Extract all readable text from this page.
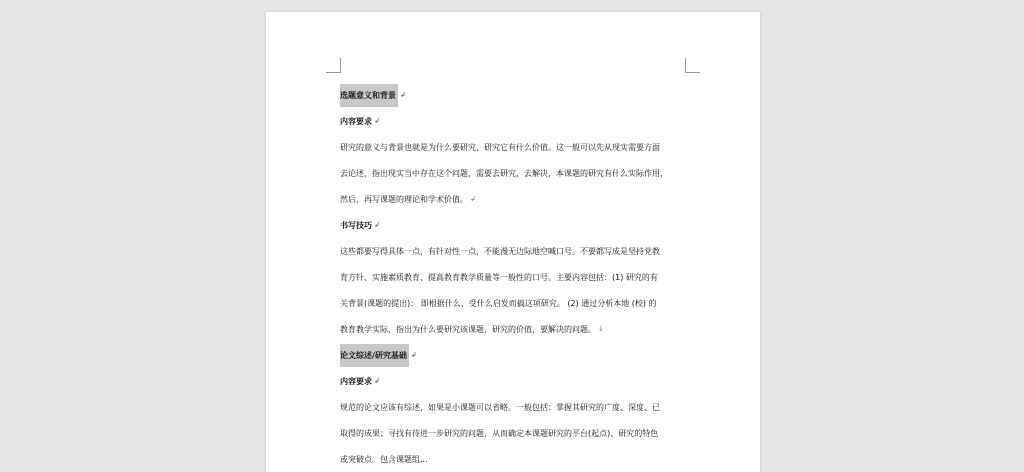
选题意义和背景 ↲
内容要求 ↲
研究的意义与背景也就是为什么要研究、研究它有什么价值。这一般可以先从现实需要方面
去论述，指出现实当中存在这个问题，需要去研究，去解决，本课题的研究有什么实际作用，
然后，再写课题的理论和学术价值。 ↲
书写技巧 ↲
这些都要写得具体一点，有针对性一点，不能漫无边际地空喊口号。不要都写成是坚持党教
育方针、实施素质教育、提高教育教学质量等一般性的口号。主要内容包括：(1) 研究的有
关背景(课题的提出)： 即根据什么、受什么启发而搞这项研究。 (2) 通过分析本地 (校) 的
教育教学实际，指出为什么要研究该课题，研究的价值，要解决的问题。 ↓
论文综述/研究基础 ↲
内容要求 ↲
规范的论文应该有综述，如果是小课题可以省略。一般包括：掌握其研究的广度、深度、已
取得的成果；寻找有待进一步研究的问题，从而确定本课题研究的平台(起点)、研究的特色
或突破点。包含课题组...
